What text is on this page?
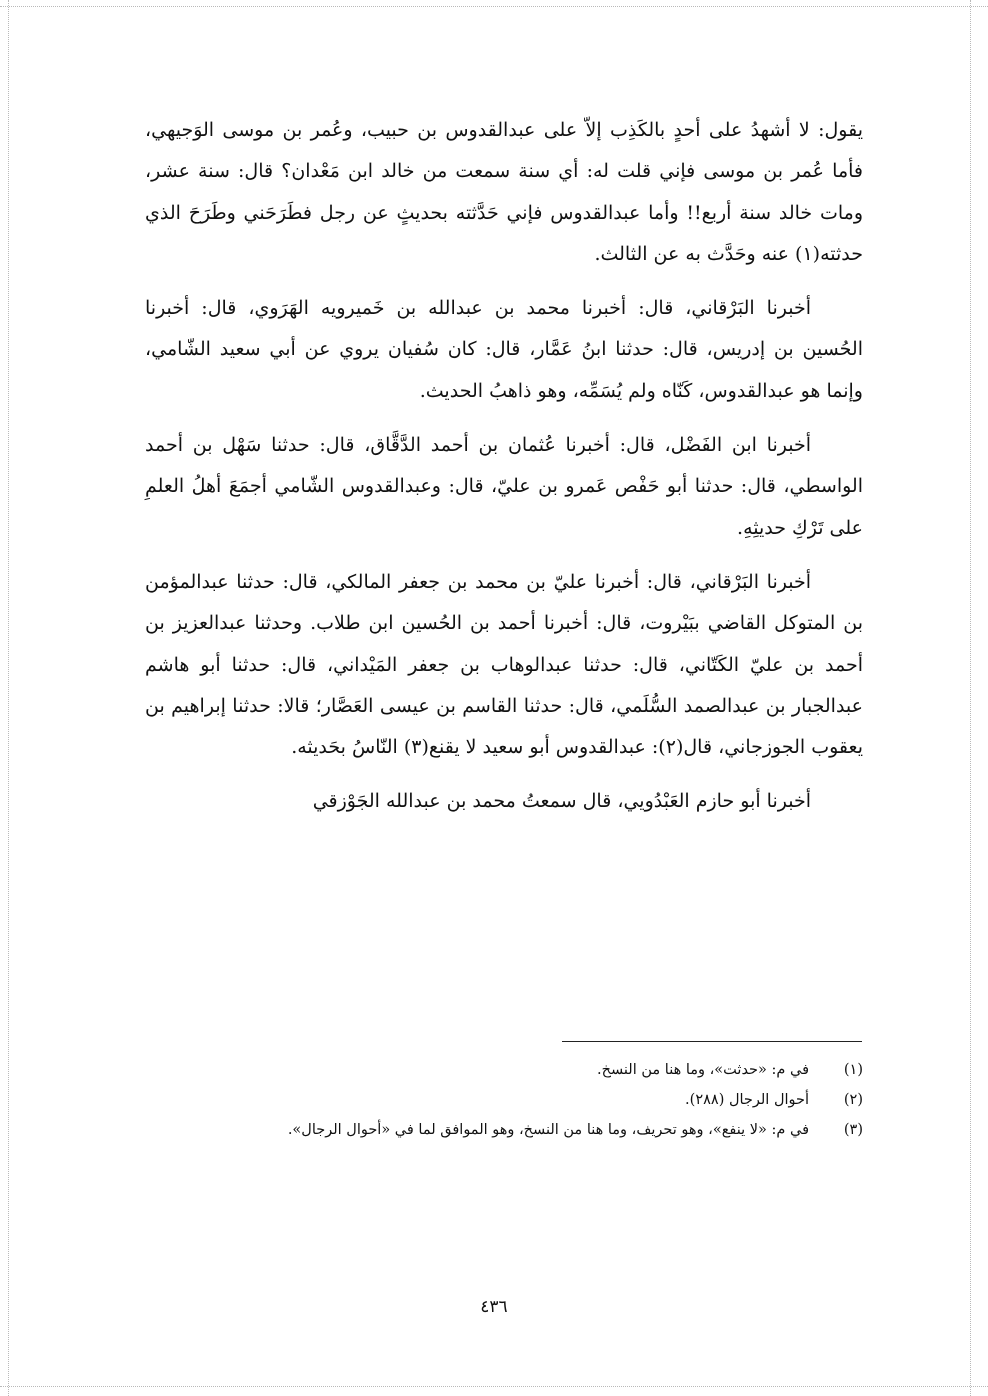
يقول: لا أشهدُ على أحدٍ بالكَذِب إلاّ على عبدالقدوس بن حبيب، وعُمر بن موسى الوَجيهي، فأما عُمر بن موسى فإني قلت له: أي سنة سمعت من خالد ابن مَعْدان؟ قال: سنة عشر، ومات خالد سنة أربع!! وأما عبدالقدوس فإني حَدَّثته بحديثٍ عن رجل فطَرَحَني وطَرَحَ الذي حدثته(١) عنه وحَدَّث به عن الثالث.

أخبرنا البَرْقاني، قال: أخبرنا محمد بن عبدالله بن خَميرويه الهَرَوي، قال: أخبرنا الحُسين بن إدريس، قال: حدثنا ابنُ عَمَّار، قال: كان سُفيان يروي عن أبي سعيد الشّامي، وإنما هو عبدالقدوس، كَنّاه ولم يُسَمِّه، وهو ذاهبُ الحديث.

أخبرنا ابن الفَضْل، قال: أخبرنا عُثمان بن أحمد الدَّقَّاق، قال: حدثنا سَهْل بن أحمد الواسطي، قال: حدثنا أبو حَفْص عَمرو بن عليّ، قال: وعبدالقدوس الشّامي أجمَعَ أهلُ العلمِ على تَرْكِ حديثِهِ.

أخبرنا البَرْقاني، قال: أخبرنا عليّ بن محمد بن جعفر المالكي، قال: حدثنا عبدالمؤمن بن المتوكل القاضي ببَيْروت، قال: أخبرنا أحمد بن الحُسين ابن طلاب. وحدثنا عبدالعزيز بن أحمد بن عليّ الكَتّاني، قال: حدثنا عبدالوهاب بن جعفر المَيْداني، قال: حدثنا أبو هاشم عبدالجبار بن عبدالصمد السُّلَمي، قال: حدثنا القاسم بن عيسى العَصَّار؛ قالا: حدثنا إبراهيم بن يعقوب الجوزجاني، قال(٢): عبدالقدوس أبو سعيد لا يقنع(٣) النّاسُ بحَديثه.

أخبرنا أبو حازم العَبْدُويي، قال سمعتُ محمد بن عبدالله الجَوْزقي

(١)
في م: «حدثت»، وما هنا من النسخ.
(٢)
أحوال الرجال (٢٨٨).
(٣)
في م: «لا ينفع»، وهو تحريف، وما هنا من النسخ، وهو الموافق لما في «أحوال الرجال».
٤٣٦
